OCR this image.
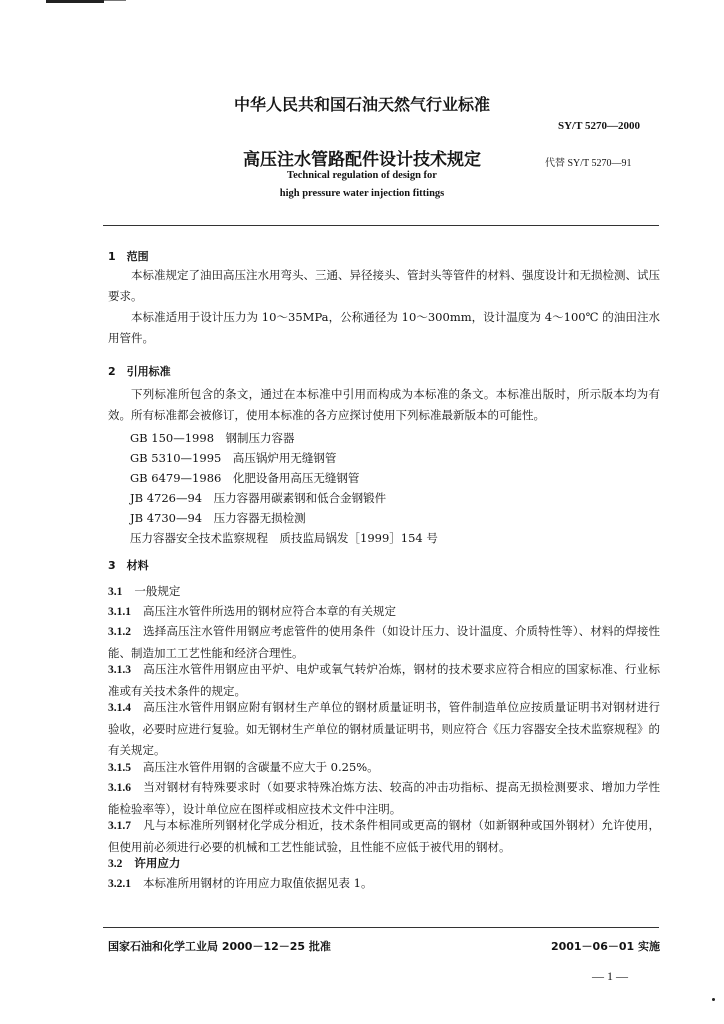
中华人民共和国石油天然气行业标准
SY/T 5270—2000
高压注水管路配件设计技术规定	代替 SY/T 5270—91
Technical regulation of design for
high pressure water injection fittings
1　范围
本标准规定了油田高压注水用弯头、三通、异径接头、管封头等管件的材料、强度设计和无损检测、试压要求。
本标准适用于设计压力为 10～35MPa，公称通径为 10～300mm，设计温度为 4～100℃ 的油田注水用管件。
2　引用标准
下列标准所包含的条文，通过在本标准中引用而构成为本标准的条文。本标准出版时，所示版本均为有效。所有标准都会被修订，使用本标准的各方应探讨使用下列标准最新版本的可能性。
GB 150—1998　钢制压力容器
GB 5310—1995　高压锅炉用无缝钢管
GB 6479—1986　化肥设备用高压无缝钢管
JB 4726—94　压力容器用碳素钢和低合金钢锻件
JB 4730—94　压力容器无损检测
压力容器安全技术监察规程　质技监局锅发［1999］154 号
3　材料
3.1 一般规定
3.1.1 高压注水管件所选用的钢材应符合本章的有关规定
3.1.2 选择高压注水管件用钢应考虑管件的使用条件（如设计压力、设计温度、介质特性等）、材料的焊接性能、制造加工工艺性能和经济合理性。
3.1.3 高压注水管件用钢应由平炉、电炉或氧气转炉冶炼，钢材的技术要求应符合相应的国家标准、行业标准或有关技术条件的规定。
3.1.4 高压注水管件用钢应附有钢材生产单位的钢材质量证明书，管件制造单位应按质量证明书对钢材进行验收，必要时应进行复验。如无钢材生产单位的钢材质量证明书，则应符合《压力容器安全技术监察规程》的有关规定。
3.1.5 高压注水管件用钢的含碳量不应大于 0.25%。
3.1.6 当对钢材有特殊要求时（如要求特殊冶炼方法、较高的冲击功指标、提高无损检测要求、增加力学性能检验率等），设计单位应在图样或相应技术文件中注明。
3.1.7 凡与本标准所列钢材化学成分相近，技术条件相同或更高的钢材（如新钢种或国外钢材）允许使用，但使用前必须进行必要的机械和工艺性能试验，且性能不应低于被代用的钢材。
3.2 许用应力
3.2.1 本标准所用钢材的许用应力取值依据见表 1。
国家石油和化学工业局 2000－12－25 批准	2001－06－01 实施
— 1 —
